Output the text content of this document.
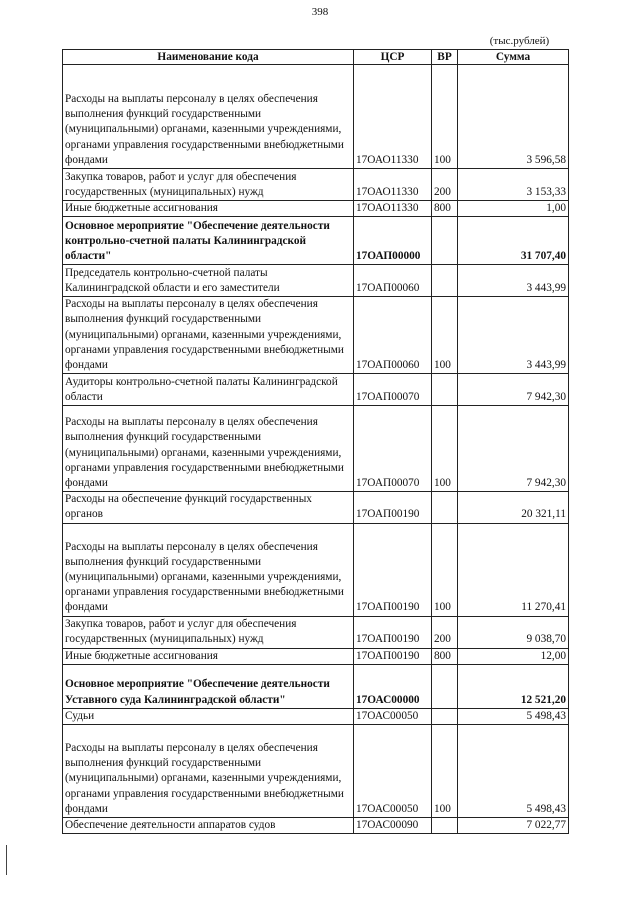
398
(тыс.рублей)
Наименование кода	ЦСР	ВР	Сумма
Расходы на выплаты персоналу в целях обеспечения выполнения функций государственными (муниципальными) органами, казенными учреждениями, органами управления государственными внебюджетными фондами	17ОАО11330	100	3 596,58
Закупка товаров, работ и услуг для обеспечения государственных (муниципальных) нужд	17ОАО11330	200	3 153,33
Иные бюджетные ассигнования	17ОАО11330	800	1,00
Основное мероприятие "Обеспечение деятельности контрольно-счетной палаты Калининградской области"	17ОАП00000		31 707,40
Председатель контрольно-счетной палаты Калининградской области и его заместители	17ОАП00060		3 443,99
Расходы на выплаты персоналу в целях обеспечения выполнения функций государственными (муниципальными) органами, казенными учреждениями, органами управления государственными внебюджетными фондами	17ОАП00060	100	3 443,99
Аудиторы контрольно-счетной палаты Калининградской области	17ОАП00070		7 942,30
Расходы на выплаты персоналу в целях обеспечения выполнения функций государственными (муниципальными) органами, казенными учреждениями, органами управления государственными внебюджетными фондами	17ОАП00070	100	7 942,30
Расходы на обеспечение функций государственных органов	17ОАП00190		20 321,11
Расходы на выплаты персоналу в целях обеспечения выполнения функций государственными (муниципальными) органами, казенными учреждениями, органами управления государственными внебюджетными фондами	17ОАП00190	100	11 270,41
Закупка товаров, работ и услуг для обеспечения государственных (муниципальных) нужд	17ОАП00190	200	9 038,70
Иные бюджетные ассигнования	17ОАП00190	800	12,00
Основное мероприятие "Обеспечение деятельности Уставного суда Калининградской области"	17ОАС00000		12 521,20
Судьи	17ОАС00050		5 498,43
Расходы на выплаты персоналу в целях обеспечения выполнения функций государственными (муниципальными) органами, казенными учреждениями, органами управления государственными внебюджетными фондами	17ОАС00050	100	5 498,43
Обеспечение деятельности аппаратов судов	17ОАС00090		7 022,77
